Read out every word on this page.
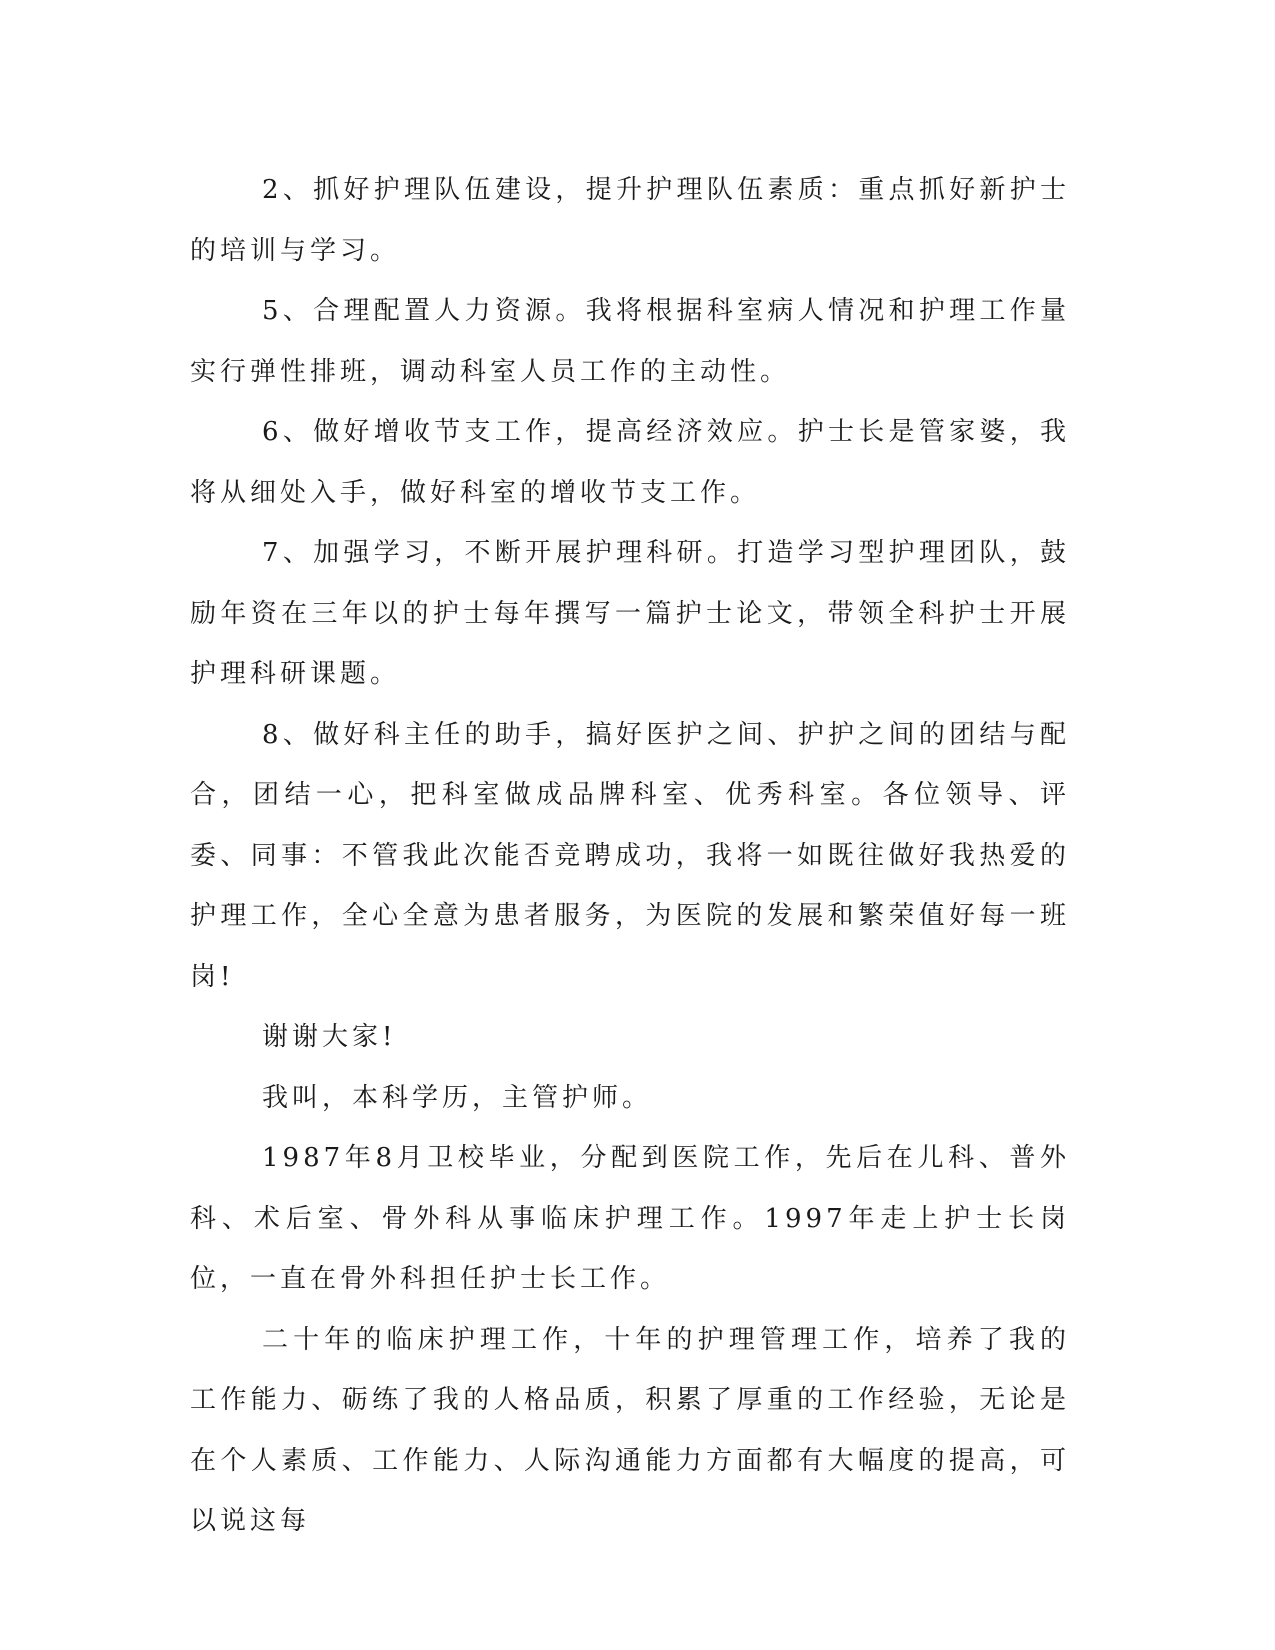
2、抓好护理队伍建设，提升护理队伍素质：重点抓好新护士的培训与学习。

5、合理配置人力资源。我将根据科室病人情况和护理工作量实行弹性排班，调动科室人员工作的主动性。

6、做好增收节支工作，提高经济效应。护士长是管家婆，我将从细处入手，做好科室的增收节支工作。

7、加强学习，不断开展护理科研。打造学习型护理团队，鼓励年资在三年以的护士每年撰写一篇护士论文，带领全科护士开展护理科研课题。

8、做好科主任的助手，搞好医护之间、护护之间的团结与配合，团结一心，把科室做成品牌科室、优秀科室。各位领导、评委、同事：不管我此次能否竞聘成功，我将一如既往做好我热爱的护理工作，全心全意为患者服务，为医院的发展和繁荣值好每一班岗!

谢谢大家!

我叫，本科学历，主管护师。

1987年8月卫校毕业，分配到医院工作，先后在儿科、普外科、术后室、骨外科从事临床护理工作。1997年走上护士长岗位，一直在骨外科担任护士长工作。

二十年的临床护理工作，十年的护理管理工作，培养了我的工作能力、砺练了我的人格品质，积累了厚重的工作经验，无论是在个人素质、工作能力、人际沟通能力方面都有大幅度的提高，可以说这每
